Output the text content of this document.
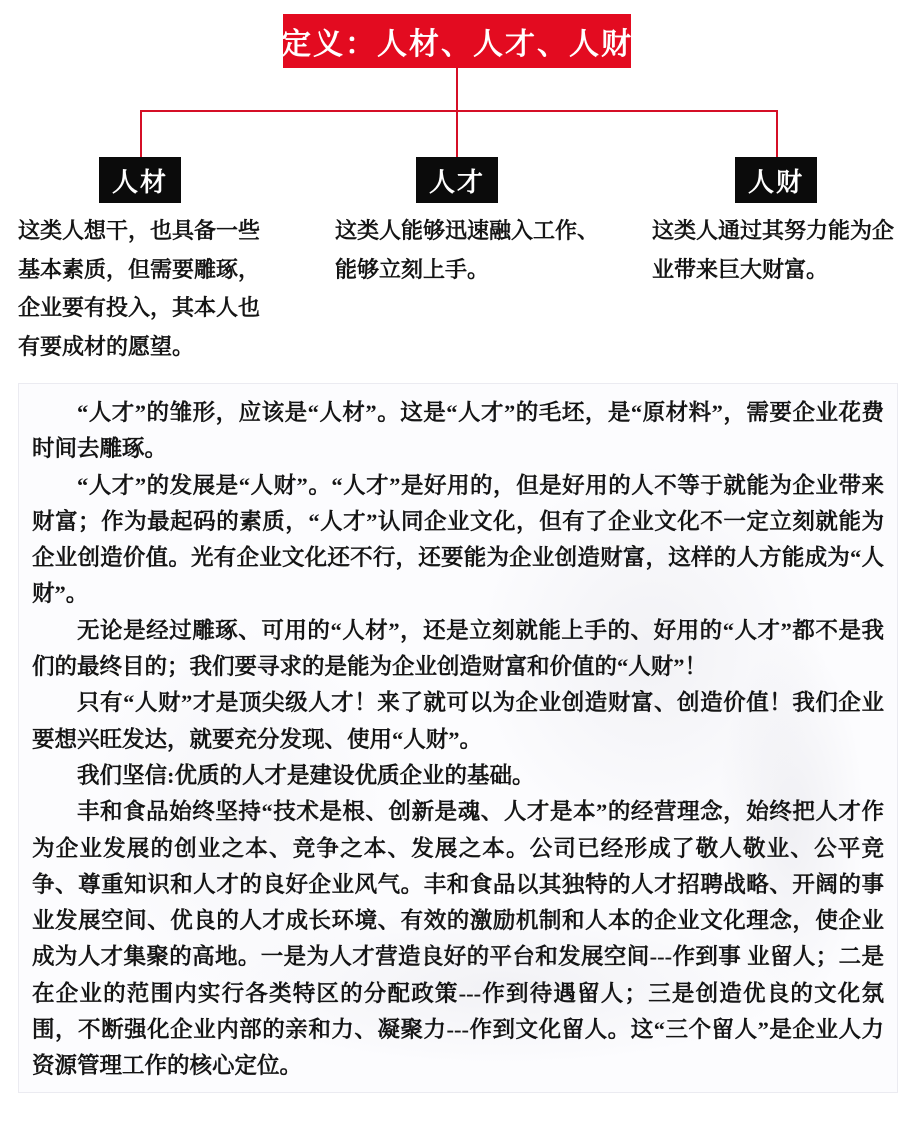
定义：人材、人才、人财
人材	人才	人财
这类人想干，也具备一些基本素质，但需要雕琢，企业要有投入，其本人也有要成材的愿望。
这类人能够迅速融入工作、能够立刻上手。
这类人通过其努力能为企业带来巨大财富。

“人才”的雏形，应该是“人材”。这是“人才”的毛坯，是“原材料”，需要企业花费时间去雕琢。

“人才”的发展是“人财”。“人才”是好用的，但是好用的人不等于就能为企业带来财富；作为最起码的素质，“人才”认同企业文化，但有了企业文化不一定立刻就能为企业创造价值。光有企业文化还不行，还要能为企业创造财富，这样的人方能成为“人财”。

无论是经过雕琢、可用的“人材”，还是立刻就能上手的、好用的“人才”都不是我们的最终目的；我们要寻求的是能为企业创造财富和价值的“人财”！

只有“人财”才是顶尖级人才！来了就可以为企业创造财富、创造价值！我们企业要想兴旺发达，就要充分发现、使用“人财”。

我们坚信:优质的人才是建设优质企业的基础。

丰和食品始终坚持“技术是根、创新是魂、人才是本”的经营理念，始终把人才作为企业发展的创业之本、竞争之本、发展之本。公司已经形成了敬人敬业、公平竞争、尊重知识和人才的良好企业风气。丰和食品以其独特的人才招聘战略、开阔的事业发展空间、优良的人才成长环境、有效的激励机制和人本的企业文化理念，使企业成为人才集聚的高地。一是为人才营造良好的平台和发展空间---作到事 业留人；二是在企业的范围内实行各类特区的分配政策---作到待遇留人；三是创造优良的文化氛围，不断强化企业内部的亲和力、凝聚力---作到文化留人。这“三个留人”是企业人力资源管理工作的核心定位。
